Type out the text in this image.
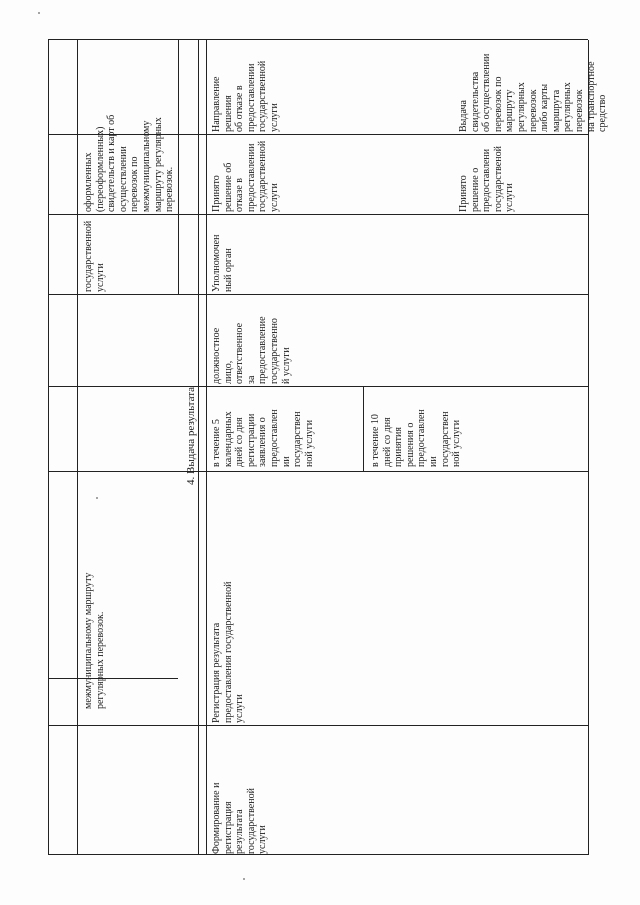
межмуниципальному маршруту
регулярных перевозок.
государственной
услуги
оформленных
(переоформленных)
свидетельств и карт об
осуществлении
перевозок по
межмуниципальному
маршруту регулярных
перевозок.
4. Выдача результата
Формирование и
регистрация
результата
государственой
услуги
Регистрация результата
предоставления государственной
услуги
в течение 5
календарных
дней со дня
регистрации
заявления о
предоставлен
ии
государствен
ной услуги
должностное
лицо,
ответственное
за
предоставление
государственно
й услуги
Уполномочен
ный орган
Принято
решение об
отказе в
предоставлении
государственной
услуги
Направление решения
об отказе в
предоставлении
государственной услуги
в течение 10
дней со дня
принятия
решения о
предоставлен
ии
государствен
ной услуги
Принято
решение о
предоставлени
государственой
услуги
Выдача свидетельства
об осуществлении
перевозок по маршруту
регулярных перевозок
либо карты маршрута
регулярных перевозок
на транспортное
средство
